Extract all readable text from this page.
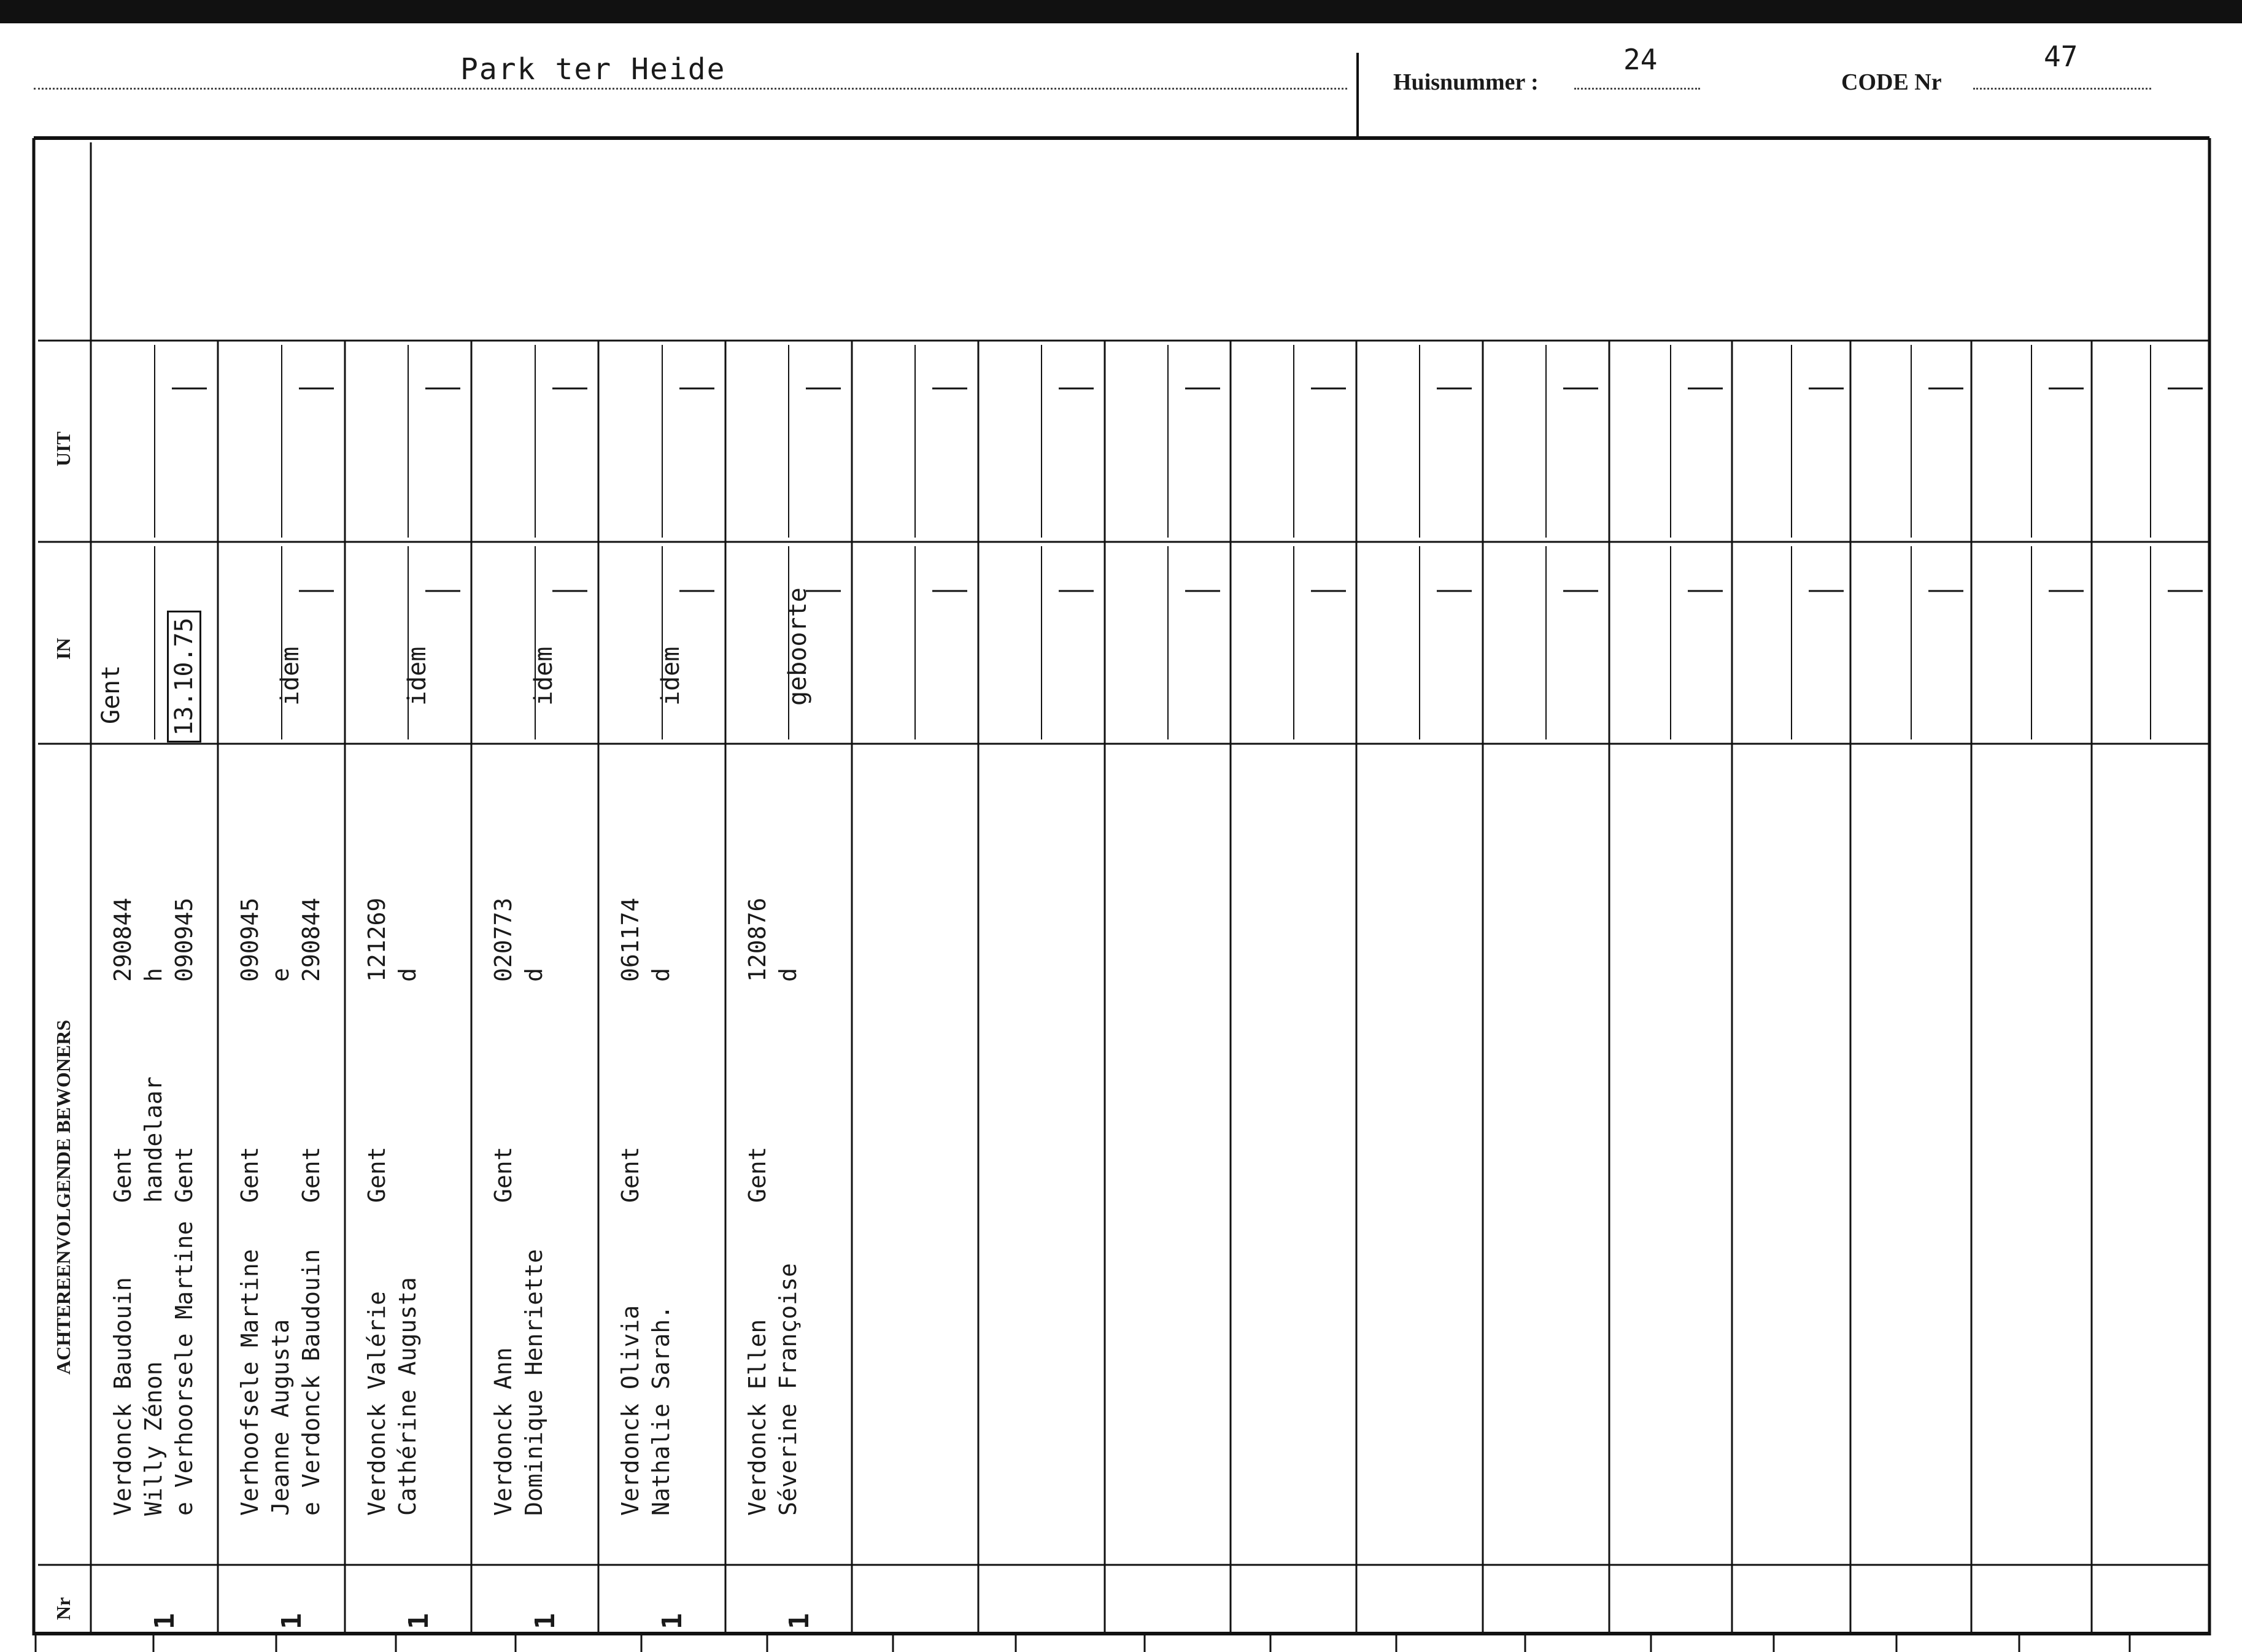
Park ter Heide	Huisnummer :
24
CODE Nr
47
Nr
ACHTEREENVOLGENDE BEWONERS
IN
UIT
Gent 13.10.75
1
Verdonck Baudouin
Gent
290844
Willy Zénon
handelaar
h
e Verhoorsele Martine
Gent
090945
1
idem
Verhoofsele Martine
Gent
090945
Jeanne Augusta
e
e Verdonck Baudouin
Gent
290844
1
idem
Verdonck Valérie
Gent
121269
Cathérine Augusta
d
1
idem
Verdonck Ann
Gent
020773
Dominique Henriette
d
1
idem
Verdonck Olivia
Gent
061174
Nathalie Sarah.
d
1
geboorte
Verdonck Ellen
Gent
120876
Séverine Françoise
d
